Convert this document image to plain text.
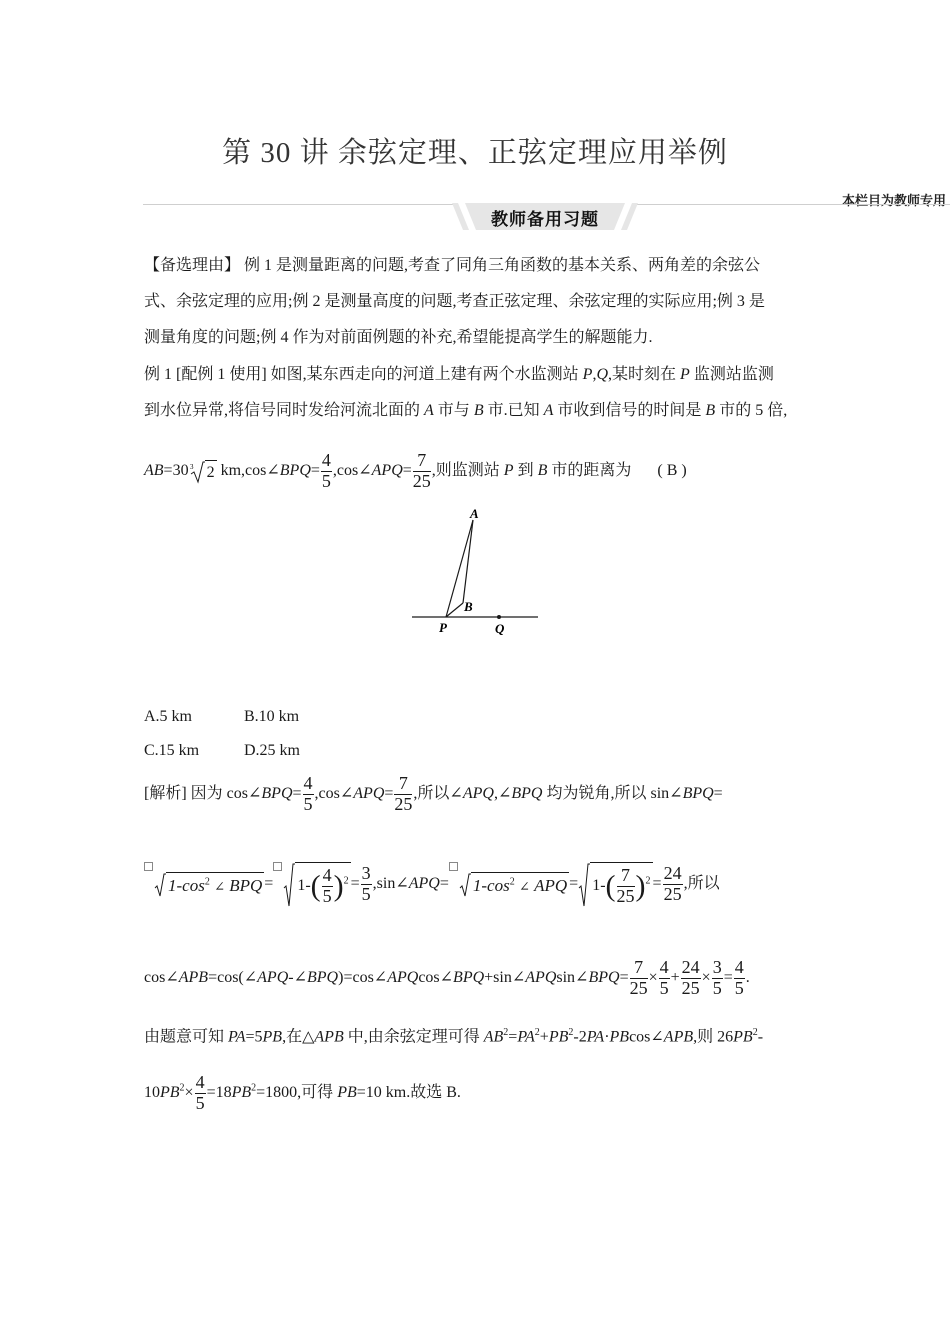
第 30 讲 余弦定理、正弦定理应用举例
本栏目为教师专用
教师备用习题
【备选理由】 例 1 是测量距离的问题,考查了同角三角函数的基本关系、两角差的余弦公
式、余弦定理的应用;例 2 是测量高度的问题,考查正弦定理、余弦定理的实际应用;例 3 是
测量角度的问题;例 4 作为对前面例题的补充,希望能提高学生的解题能力.
例 1 [配例 1 使用] 如图,某东西走向的河道上建有两个水监测站 P,Q,某时刻在 P 监测站监测
到水位异常,将信号同时发给河流北面的 A 市与 B 市.已知 A 市收到信号的时间是 B 市的 5 倍,
AB=30 3 2 km,cos∠BPQ= $\frac{4}{5}$ ,cos∠APQ= $\frac{7}{25}$ ,则监测站 P 到 B 市的距离为 ( B )
A
B
P	Q
A.5 km	B.10 km
C.15 km	D.25 km
[解析] 因为 cos∠BPQ= $\frac{4}{5}$ ,cos∠APQ= $\frac{7}{25}$ ,所以∠APQ,∠BPQ 均为锐角,所以 sin∠BPQ=
$1-\cos^2$ ∠ BPQ = $1-( \frac{4}{5} )^2 = \frac{3}{5}$ ,sin∠APQ= $1-\cos^2$ ∠ APQ = $1-( \frac{7}{25} )^2 = \frac{24}{25}$ ,所以
cos∠APB=cos(∠APQ-∠BPQ)=cos∠APQcos∠BPQ+sin∠APQsin∠BPQ= $\frac{7}{25} \times \frac{4}{5} + \frac{24}{25} \times \frac{3}{5} = \frac{4}{5}$ .
由题意可知 PA=5PB,在△APB 中,由余弦定理可得 $AB^2=PA^2+PB^2-2PA\cdot PBcos\angle APB$,则 $26PB^2-$
$10PB^2\times \frac{4}{5} =18PB^2=1800$,可得 PB=10 km.故选 B.
